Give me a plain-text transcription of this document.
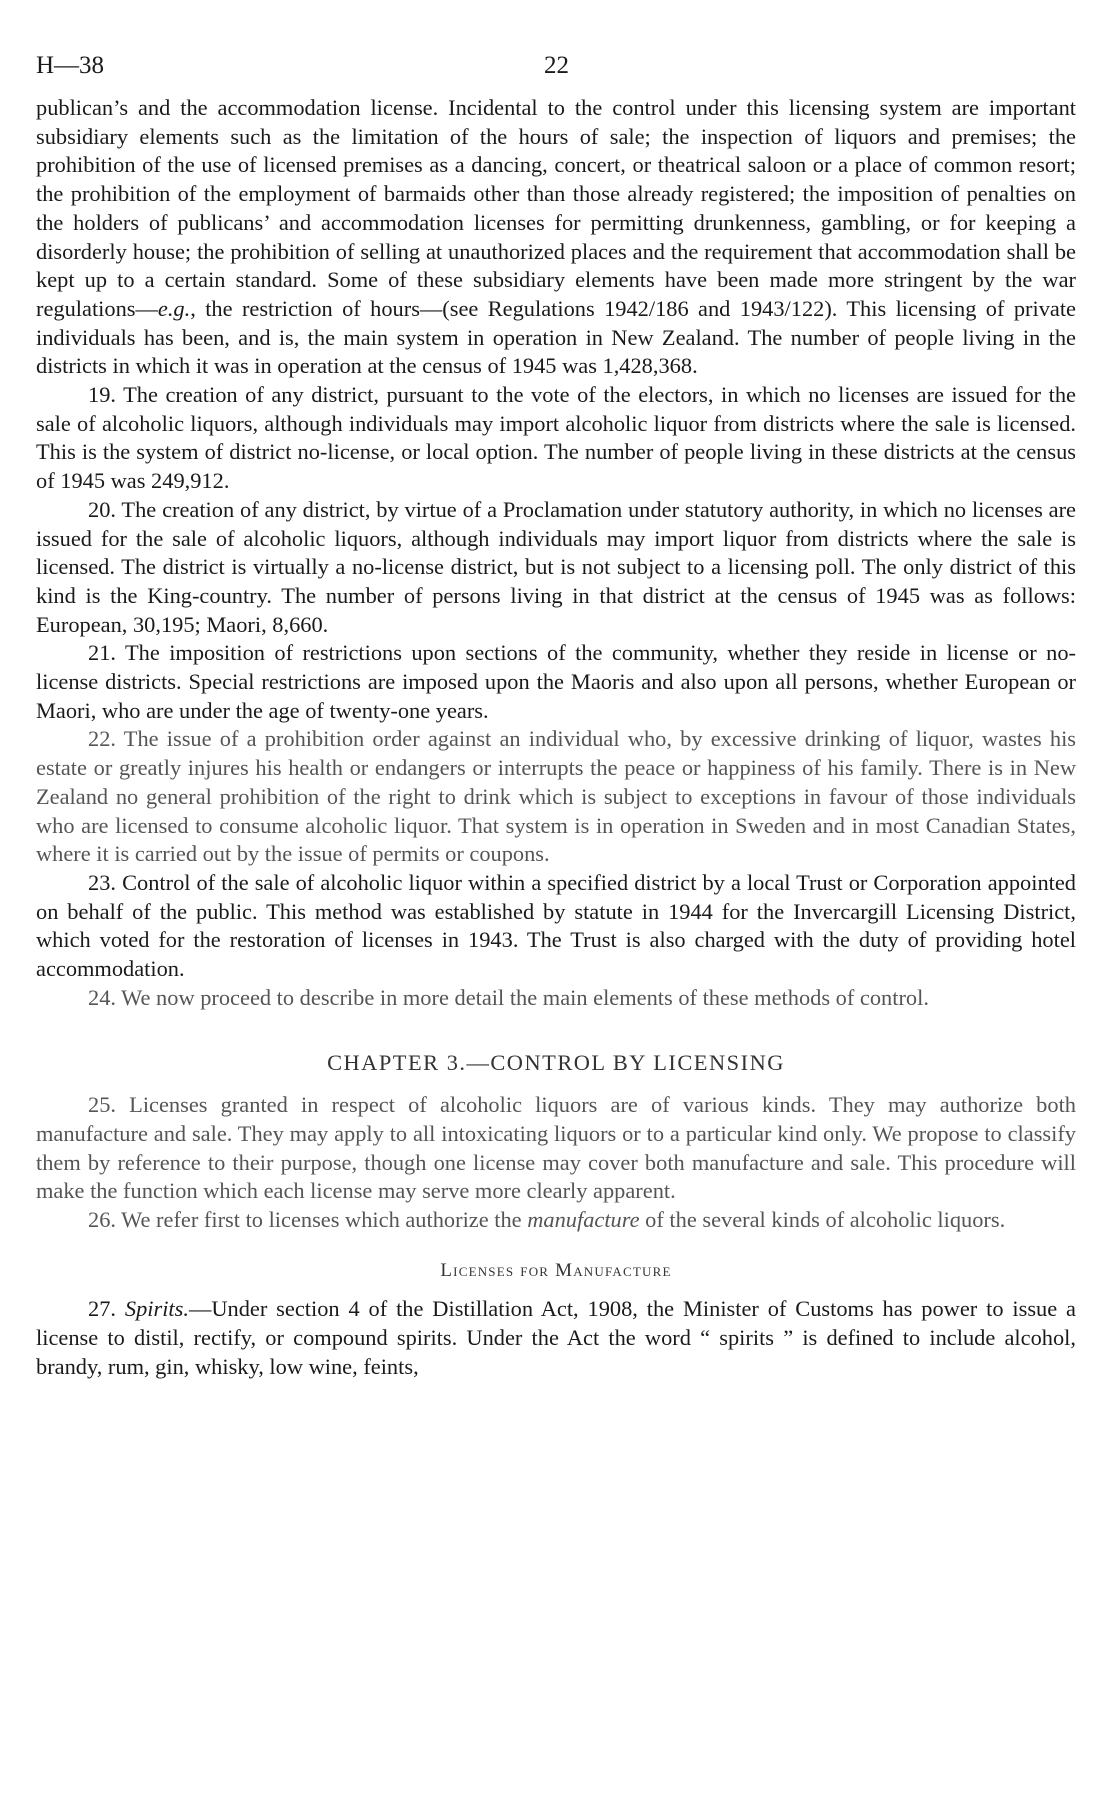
H—38	22

publican’s and the accommodation license. Incidental to the control under this licensing system are important subsidiary elements such as the limitation of the hours of sale; the inspection of liquors and premises; the prohibition of the use of licensed premises as a dancing, concert, or theatrical saloon or a place of common resort; the prohibition of the employment of barmaids other than those already registered; the imposition of penalties on the holders of publicans’ and accommodation licenses for permitting drunkenness, gambling, or for keeping a disorderly house; the prohibition of selling at unauthorized places and the requirement that accommodation shall be kept up to a certain standard. Some of these subsidiary elements have been made more stringent by the war regulations—e.g., the restriction of hours—(see Regulations 1942/186 and 1943/122). This licensing of private individuals has been, and is, the main system in operation in New Zealand. The number of people living in the districts in which it was in operation at the census of 1945 was 1,428,368.

19. The creation of any district, pursuant to the vote of the electors, in which no licenses are issued for the sale of alcoholic liquors, although individuals may import alcoholic liquor from districts where the sale is licensed. This is the system of district no-license, or local option. The number of people living in these districts at the census of 1945 was 249,912.

20. The creation of any district, by virtue of a Proclamation under statutory authority, in which no licenses are issued for the sale of alcoholic liquors, although individuals may import liquor from districts where the sale is licensed. The district is virtually a no-license district, but is not subject to a licensing poll. The only district of this kind is the King-country. The number of persons living in that district at the census of 1945 was as follows: European, 30,195; Maori, 8,660.

21. The imposition of restrictions upon sections of the community, whether they reside in license or no-license districts. Special restrictions are imposed upon the Maoris and also upon all persons, whether European or Maori, who are under the age of twenty-one years.

22. The issue of a prohibition order against an individual who, by excessive drinking of liquor, wastes his estate or greatly injures his health or endangers or interrupts the peace or happiness of his family. There is in New Zealand no general prohibition of the right to drink which is subject to exceptions in favour of those individuals who are licensed to consume alcoholic liquor. That system is in operation in Sweden and in most Canadian States, where it is carried out by the issue of permits or coupons.

23. Control of the sale of alcoholic liquor within a specified district by a local Trust or Corporation appointed on behalf of the public. This method was established by statute in 1944 for the Invercargill Licensing District, which voted for the restoration of licenses in 1943. The Trust is also charged with the duty of providing hotel accommodation.

24. We now proceed to describe in more detail the main elements of these methods of control.

CHAPTER 3.—CONTROL BY LICENSING

25. Licenses granted in respect of alcoholic liquors are of various kinds. They may authorize both manufacture and sale. They may apply to all intoxicating liquors or to a particular kind only. We propose to classify them by reference to their purpose, though one license may cover both manufacture and sale. This procedure will make the function which each license may serve more clearly apparent.

26. We refer first to licenses which authorize the manufacture of the several kinds of alcoholic liquors.

Licenses for Manufacture

27. Spirits.—Under section 4 of the Distillation Act, 1908, the Minister of Customs has power to issue a license to distil, rectify, or compound spirits. Under the Act the word “ spirits ” is defined to include alcohol, brandy, rum, gin, whisky, low wine, feints,
